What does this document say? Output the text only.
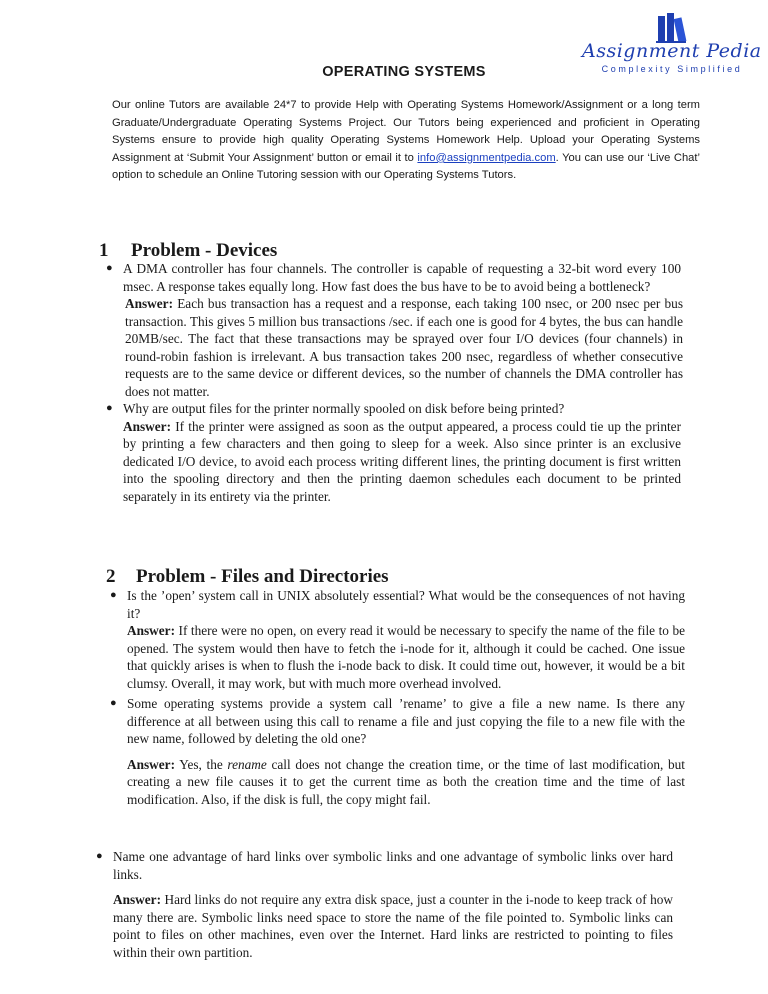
Assignment Pedia
Complexity Simplified
OPERATING SYSTEMS

Our online Tutors are available 24*7 to provide Help with Operating Systems Homework/Assignment or a long term Graduate/Undergraduate Operating Systems Project. Our Tutors being experienced and proficient in Operating Systems ensure to provide high quality Operating Systems Homework Help. Upload your Operating Systems Assignment at ‘Submit Your Assignment’ button or email it to info@assignmentpedia.com. You can use our ‘Live Chat’ option to schedule an Online Tutoring session with our Operating Systems Tutors.

1 Problem - Devices
● A DMA controller has four channels. The controller is capable of requesting a 32-bit word every 100 msec. A response takes equally long. How fast does the bus have to be to avoid being a bottleneck?

Answer: Each bus transaction has a request and a response, each taking 100 nsec, or 200 nsec per bus transaction. This gives 5 million bus transactions /sec. if each one is good for 4 bytes, the bus can handle 20MB/sec. The fact that these transactions may be sprayed over four I/O devices (four channels) in round-robin fashion is irrelevant. A bus transaction takes 200 nsec, regardless of whether consecutive requests are to the same device or different devices, so the number of channels the DMA controller has does not matter.

● Why are output files for the printer normally spooled on disk before being printed?

Answer: If the printer were assigned as soon as the output appeared, a process could tie up the printer by printing a few characters and then going to sleep for a week. Also since printer is an exclusive dedicated I/O device, to avoid each process writing different lines, the printing document is first written into the spooling directory and then the printing daemon schedules each document to be printed separately in its entirety via the printer.

2 Problem - Files and Directories
● Is the ’open’ system call in UNIX absolutely essential? What would be the consequences of not having it?

Answer: If there were no open, on every read it would be necessary to specify the name of the file to be opened. The system would then have to fetch the i-node for it, although it could be cached. One issue that quickly arises is when to flush the i-node back to disk. It could time out, however, it would be a bit clumsy. Overall, it may work, but with much more overhead involved.

● Some operating systems provide a system call ’rename’ to give a file a new name. Is there any difference at all between using this call to rename a file and just copying the file to a new file with the new name, followed by deleting the old one?

Answer: Yes, the rename call does not change the creation time, or the time of last modification, but creating a new file causes it to get the current time as both the creation time and the time of last modification. Also, if the disk is full, the copy might fail.

● Name one advantage of hard links over symbolic links and one advantage of symbolic links over hard links.

Answer: Hard links do not require any extra disk space, just a counter in the i-node to keep track of how many there are. Symbolic links need space to store the name of the file pointed to. Symbolic links can point to files on other machines, even over the Internet. Hard links are restricted to pointing to files within their own partition.
